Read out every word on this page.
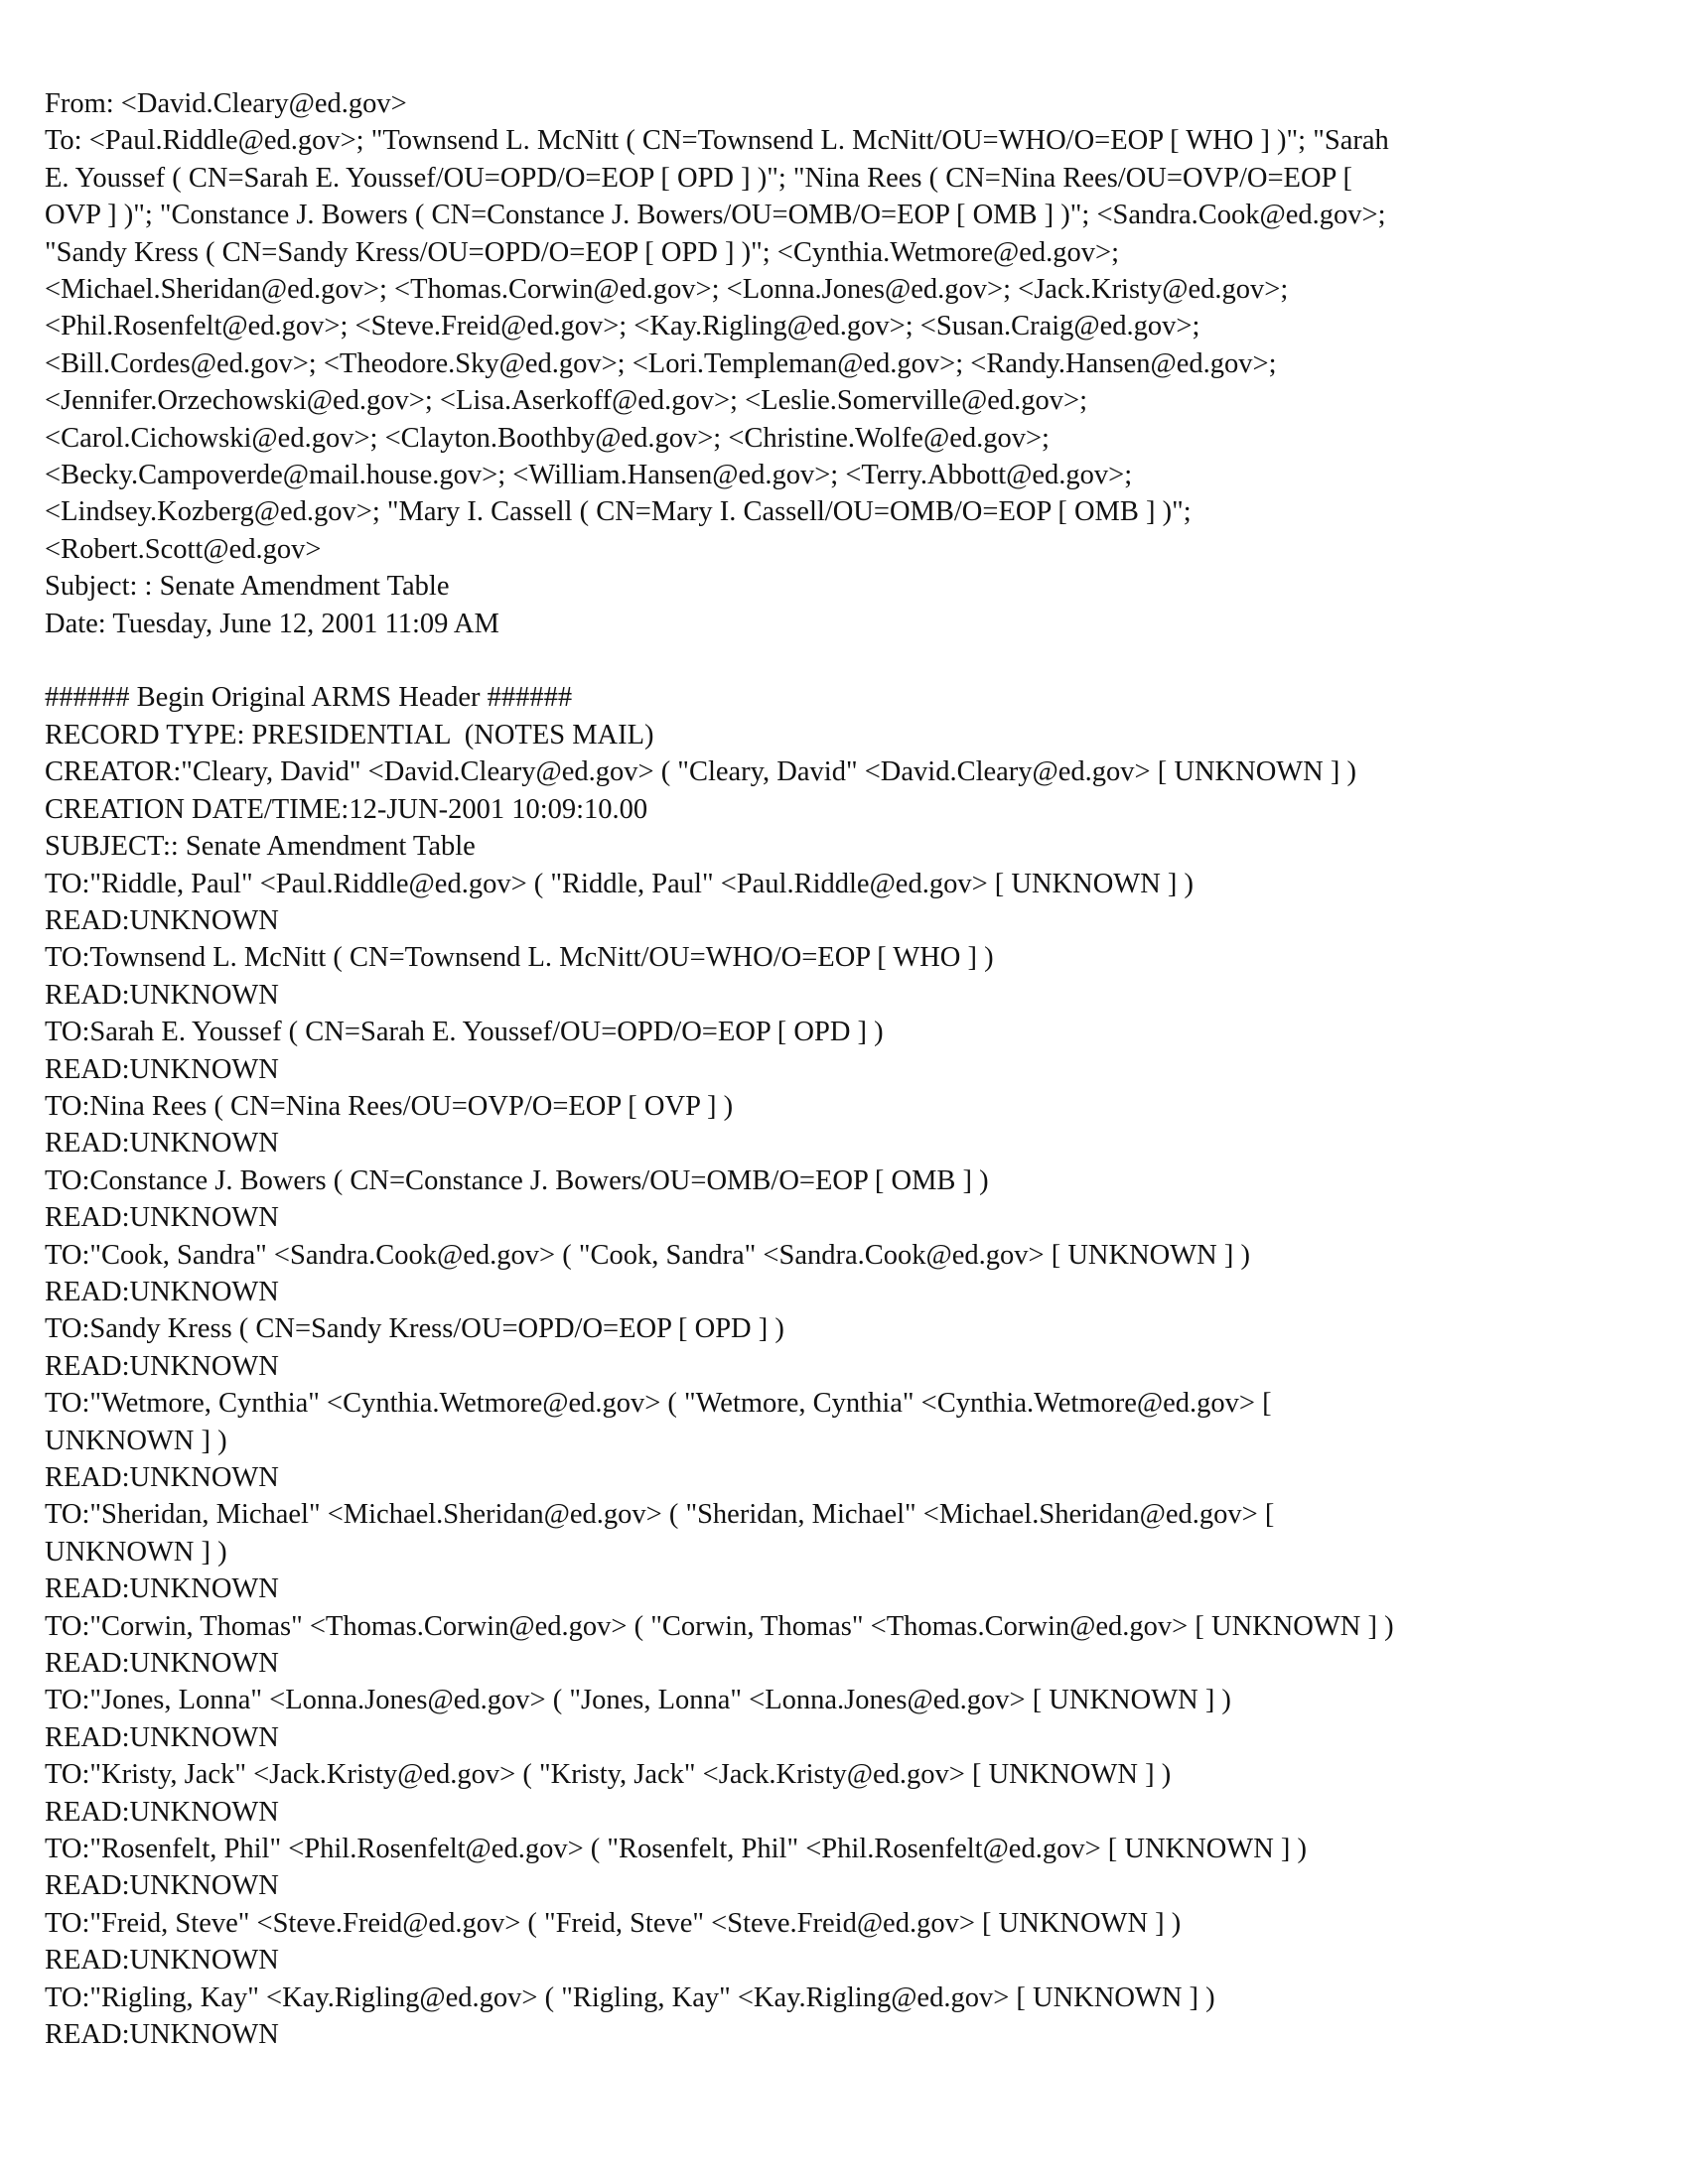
From: <David.Cleary@ed.gov>
To: <Paul.Riddle@ed.gov>; "Townsend L. McNitt ( CN=Townsend L. McNitt/OU=WHO/O=EOP [ WHO ] )"; "Sarah
E. Youssef ( CN=Sarah E. Youssef/OU=OPD/O=EOP [ OPD ] )"; "Nina Rees ( CN=Nina Rees/OU=OVP/O=EOP [
OVP ] )"; "Constance J. Bowers ( CN=Constance J. Bowers/OU=OMB/O=EOP [ OMB ] )"; <Sandra.Cook@ed.gov>;
"Sandy Kress ( CN=Sandy Kress/OU=OPD/O=EOP [ OPD ] )"; <Cynthia.Wetmore@ed.gov>;
<Michael.Sheridan@ed.gov>; <Thomas.Corwin@ed.gov>; <Lonna.Jones@ed.gov>; <Jack.Kristy@ed.gov>;
<Phil.Rosenfelt@ed.gov>; <Steve.Freid@ed.gov>; <Kay.Rigling@ed.gov>; <Susan.Craig@ed.gov>;
<Bill.Cordes@ed.gov>; <Theodore.Sky@ed.gov>; <Lori.Templeman@ed.gov>; <Randy.Hansen@ed.gov>;
<Jennifer.Orzechowski@ed.gov>; <Lisa.Aserkoff@ed.gov>; <Leslie.Somerville@ed.gov>;
<Carol.Cichowski@ed.gov>; <Clayton.Boothby@ed.gov>; <Christine.Wolfe@ed.gov>;
<Becky.Campoverde@mail.house.gov>; <William.Hansen@ed.gov>; <Terry.Abbott@ed.gov>;
<Lindsey.Kozberg@ed.gov>; "Mary I. Cassell ( CN=Mary I. Cassell/OU=OMB/O=EOP [ OMB ] )";
<Robert.Scott@ed.gov>
Subject: : Senate Amendment Table
Date: Tuesday, June 12, 2001 11:09 AM
###### Begin Original ARMS Header ######
RECORD TYPE: PRESIDENTIAL  (NOTES MAIL)
CREATOR:"Cleary, David" <David.Cleary@ed.gov> ( "Cleary, David" <David.Cleary@ed.gov> [ UNKNOWN ] )
CREATION DATE/TIME:12-JUN-2001 10:09:10.00
SUBJECT:: Senate Amendment Table
TO:"Riddle, Paul" <Paul.Riddle@ed.gov> ( "Riddle, Paul" <Paul.Riddle@ed.gov> [ UNKNOWN ] )
READ:UNKNOWN
TO:Townsend L. McNitt ( CN=Townsend L. McNitt/OU=WHO/O=EOP [ WHO ] )
READ:UNKNOWN
TO:Sarah E. Youssef ( CN=Sarah E. Youssef/OU=OPD/O=EOP [ OPD ] )
READ:UNKNOWN
TO:Nina Rees ( CN=Nina Rees/OU=OVP/O=EOP [ OVP ] )
READ:UNKNOWN
TO:Constance J. Bowers ( CN=Constance J. Bowers/OU=OMB/O=EOP [ OMB ] )
READ:UNKNOWN
TO:"Cook, Sandra" <Sandra.Cook@ed.gov> ( "Cook, Sandra" <Sandra.Cook@ed.gov> [ UNKNOWN ] )
READ:UNKNOWN
TO:Sandy Kress ( CN=Sandy Kress/OU=OPD/O=EOP [ OPD ] )
READ:UNKNOWN
TO:"Wetmore, Cynthia" <Cynthia.Wetmore@ed.gov> ( "Wetmore, Cynthia" <Cynthia.Wetmore@ed.gov> [
UNKNOWN ] )
READ:UNKNOWN
TO:"Sheridan, Michael" <Michael.Sheridan@ed.gov> ( "Sheridan, Michael" <Michael.Sheridan@ed.gov> [
UNKNOWN ] )
READ:UNKNOWN
TO:"Corwin, Thomas" <Thomas.Corwin@ed.gov> ( "Corwin, Thomas" <Thomas.Corwin@ed.gov> [ UNKNOWN ] )
READ:UNKNOWN
TO:"Jones, Lonna" <Lonna.Jones@ed.gov> ( "Jones, Lonna" <Lonna.Jones@ed.gov> [ UNKNOWN ] )
READ:UNKNOWN
TO:"Kristy, Jack" <Jack.Kristy@ed.gov> ( "Kristy, Jack" <Jack.Kristy@ed.gov> [ UNKNOWN ] )
READ:UNKNOWN
TO:"Rosenfelt, Phil" <Phil.Rosenfelt@ed.gov> ( "Rosenfelt, Phil" <Phil.Rosenfelt@ed.gov> [ UNKNOWN ] )
READ:UNKNOWN
TO:"Freid, Steve" <Steve.Freid@ed.gov> ( "Freid, Steve" <Steve.Freid@ed.gov> [ UNKNOWN ] )
READ:UNKNOWN
TO:"Rigling, Kay" <Kay.Rigling@ed.gov> ( "Rigling, Kay" <Kay.Rigling@ed.gov> [ UNKNOWN ] )
READ:UNKNOWN
